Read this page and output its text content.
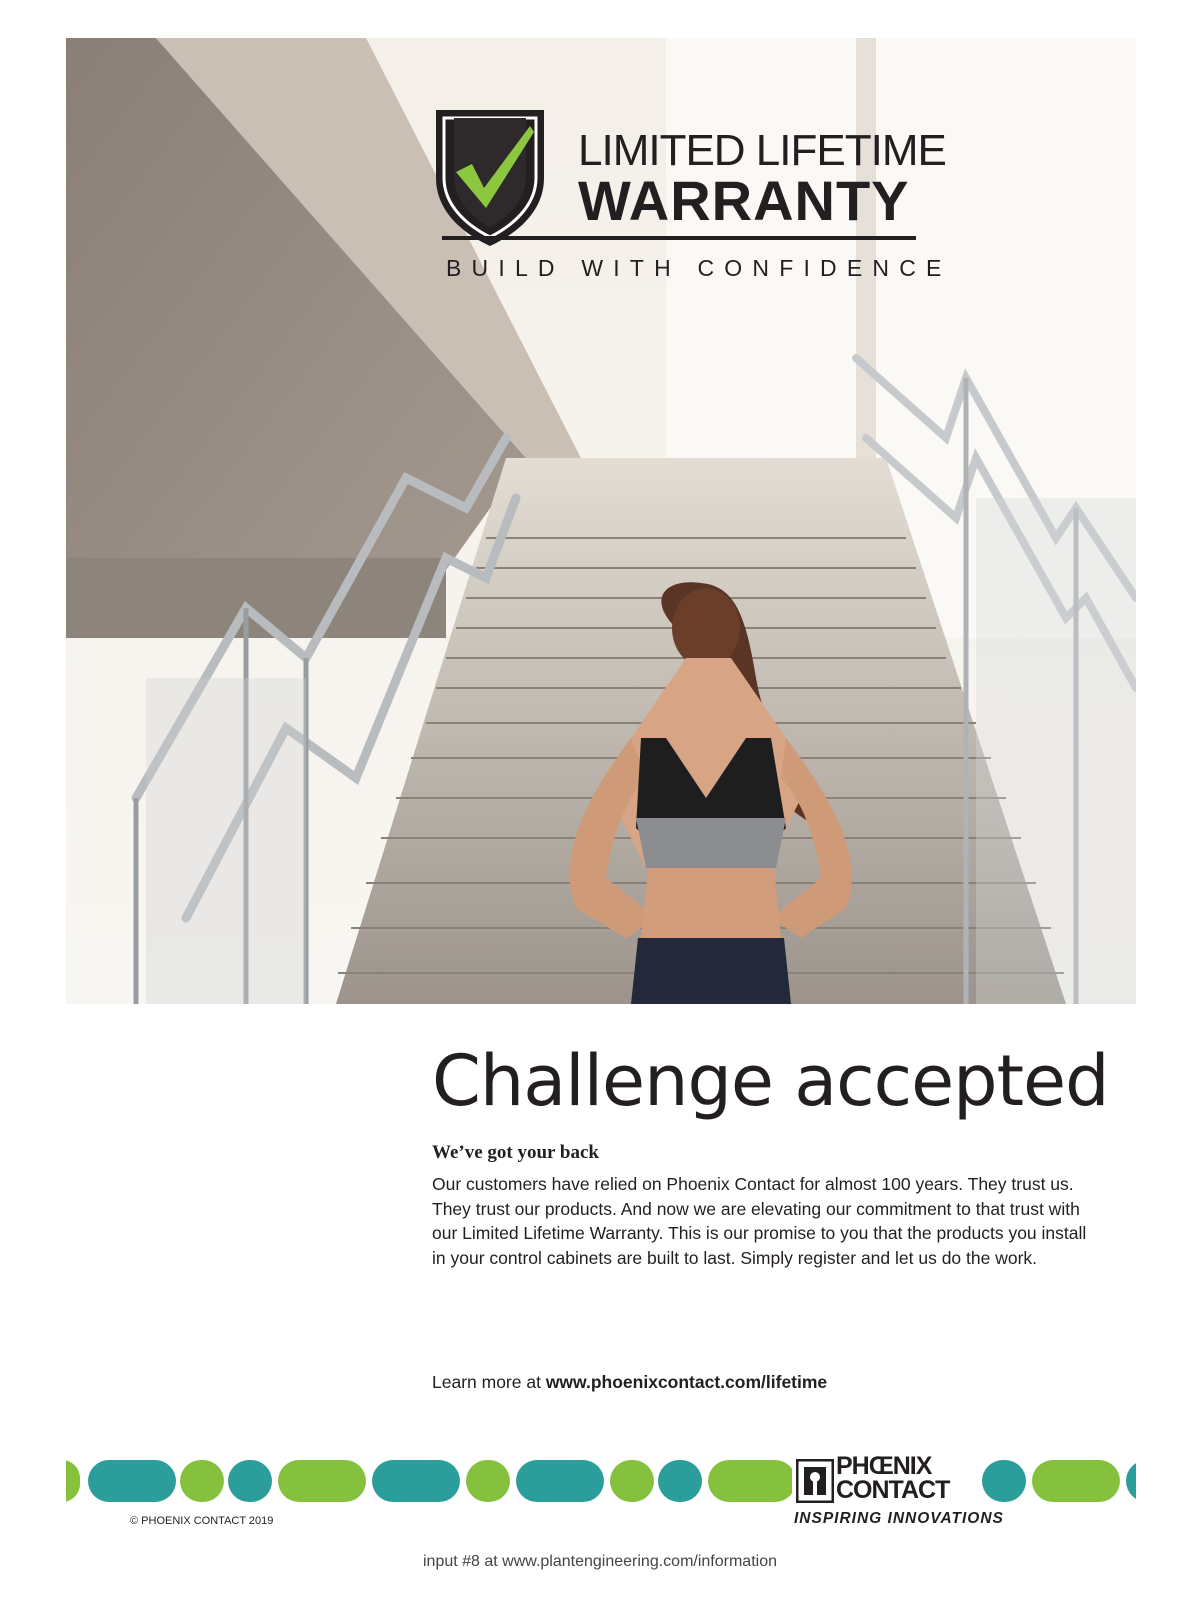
LIMITED LIFETIME
WARRANTY
BUILD WITH CONFIDENCE
Challenge accepted
We’ve got your back
Our customers have relied on Phoenix Contact for almost 100 years. They trust us. They trust our products. And now we are elevating our commitment to that trust with our Limited Lifetime Warranty. This is our promise to you that the products you install in your control cabinets are built to last. Simply register and let us do the work.
Learn more at www.phoenixcontact.com/lifetime
PHŒNIX
CONTACT
INSPIRING INNOVATIONS
© PHOENIX CONTACT 2019
input #8 at www.plantengineering.com/information
